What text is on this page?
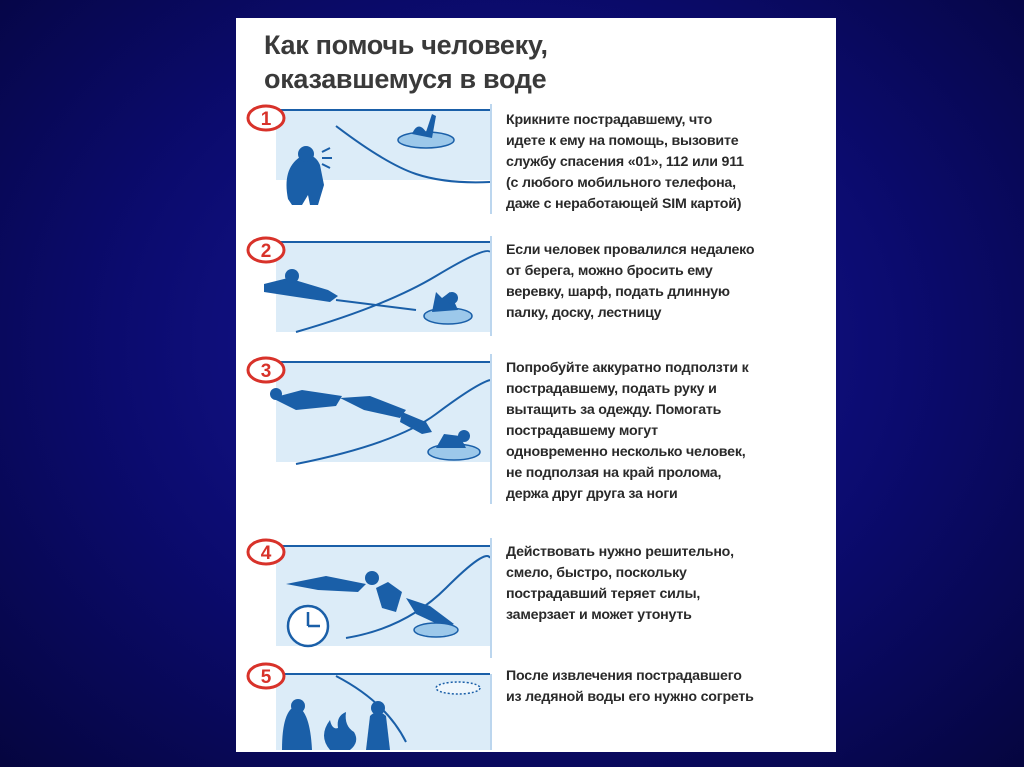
Как помочь человеку,
оказавшемуся в воде
1	Крикните пострадавшему, что
идете к ему на помощь, вызовите
службу спасения «01», 112 или 911
(с любого мобильного телефона,
даже с неработающей SIM картой)
2	Если человек провалился недалеко
от берега, можно бросить ему
веревку, шарф, подать длинную
палку, доску, лестницу
3	Попробуйте аккуратно подползти к
пострадавшему, подать руку и
вытащить за одежду. Помогать
пострадавшему могут
одновременно несколько человек,
не подползая на край пролома,
держа друг друга за ноги
4	Действовать нужно решительно,
смело, быстро, поскольку
пострадавший теряет силы,
замерзает и может утонуть
5	После извлечения пострадавшего
из ледяной воды его нужно согреть
